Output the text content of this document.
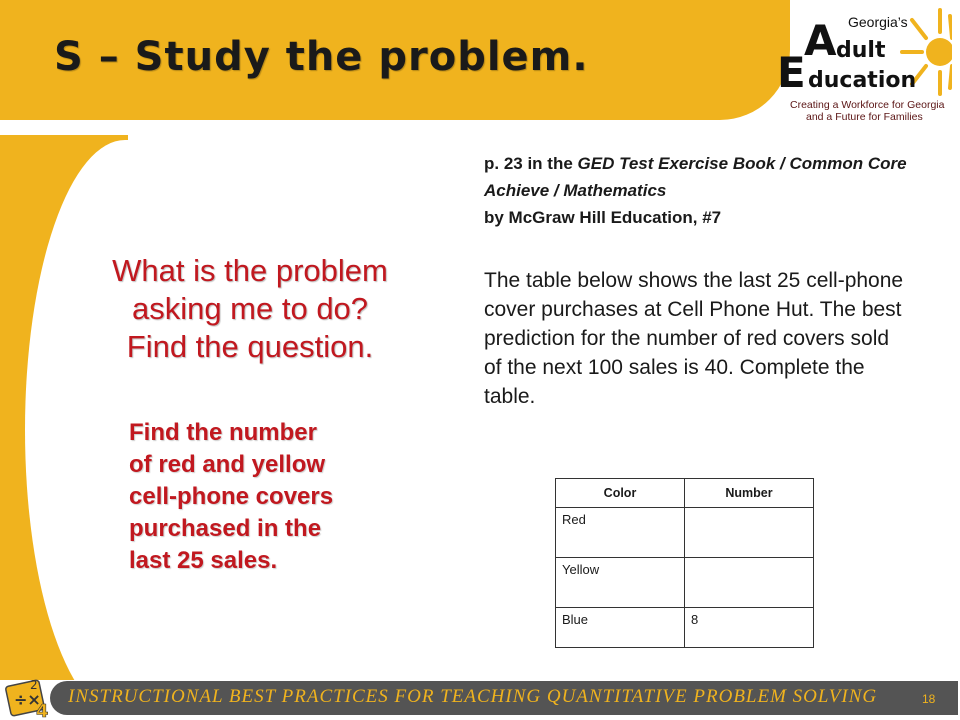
S – Study the problem.
Georgia’s
A dult
E ducation
Creating a Workforce for Georgia
and a Future for Families

What is the problem
asking me to do?
Find the question.

Find the number
of red and yellow
cell-phone covers
purchased in the
last 25 sales.

p. 23 in the GED Test Exercise Book / Common Core Achieve / Mathematics
by McGraw Hill Education, #7

The table below shows the last 25 cell-phone cover purchases at Cell Phone Hut. The best prediction for the number of red covers sold of the next 100 sales is 40. Complete the table.

Color	Number
Red	
Yellow	
Blue	8
÷×
4
2
INSTRUCTIONAL BEST PRACTICES FOR TEACHING QUANTITATIVE PROBLEM SOLVING	18
